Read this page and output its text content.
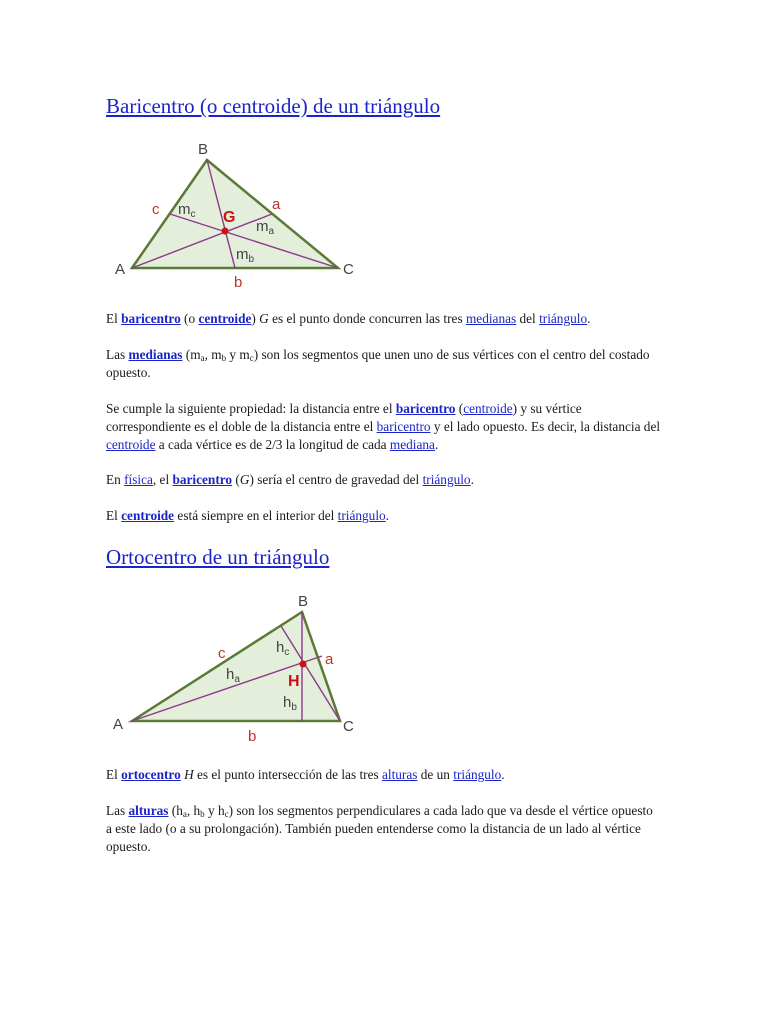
Baricentro (o centroide) de un triángulo
B
A	C
G
a
b
c $m_c$
$m_a$
$m_b$

El baricentro (o centroide) G es el punto donde concurren las tres medianas del triángulo.

Las medianas ($m_a$, $m_b$ y $m_c$) son los segmentos que unen uno de sus vértices con el centro del costado opuesto.

Se cumple la siguiente propiedad: la distancia entre el baricentro (centroide) y su vértice correspondiente es el doble de la distancia entre el baricentro y el lado opuesto. Es decir, la distancia del centroide a cada vértice es de 2/3 la longitud de cada mediana.

En física, el baricentro (G) sería el centro de gravedad del triángulo.

El centroide está siempre en el interior del triángulo.

Ortocentro de un triángulo
B
A	C
H
a
b
c	$h_c$
$h_a$
$h_b$

El ortocentro H es el punto intersección de las tres alturas de un triángulo.

Las alturas ($h_a$, $h_b$ y $h_c$) son los segmentos perpendiculares a cada lado que va desde el vértice opuesto a este lado (o a su prolongación). También pueden entenderse como la distancia de un lado al vértice opuesto.
